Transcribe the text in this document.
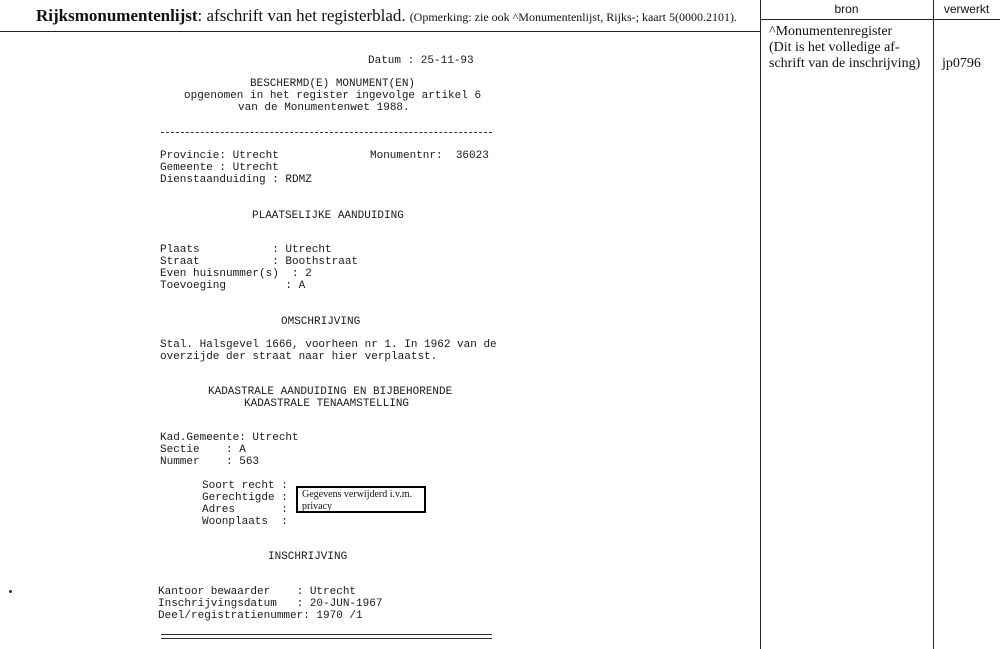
Rijksmonumentenlijst: afschrift van het registerblad. (Opmerking: zie ook ^Monumentenlijst, Rijks-; kaart 5(0000.2101).
bron	verwerkt
^Monumentenregister
(Dit is het volledige af-
schrift van de inschrijving)	jp0796
Datum : 25-11-93
BESCHERMD(E) MONUMENT(EN)
opgenomen in het register ingevolge artikel 6
van de Monumentenwet 1988.
Provincie: Utrecht	Monumentnr:  36023
Gemeente : Utrecht
Dienstaanduiding : RDMZ
PLAATSELIJKE AANDUIDING
Plaats           : Utrecht
Straat           : Boothstraat
Even huisnummer(s)  : 2
Toevoeging         : A
OMSCHRIJVING
Stal. Halsgevel 1666, voorheen nr 1. In 1962 van de
overzijde der straat naar hier verplaatst.
KADASTRALE AANDUIDING EN BIJBEHORENDE
KADASTRALE TENAAMSTELLING
Kad.Gemeente: Utrecht
Sectie    : A
Nummer    : 563
Soort recht :
Gerechtigde :
Adres       :
Woonplaats  :
Gegevens verwijderd i.v.m. privacy
INSCHRIJVING
Kantoor bewaarder    : Utrecht
Inschrijvingsdatum   : 20-JUN-1967
Deel/registratienummer: 1970 /1
